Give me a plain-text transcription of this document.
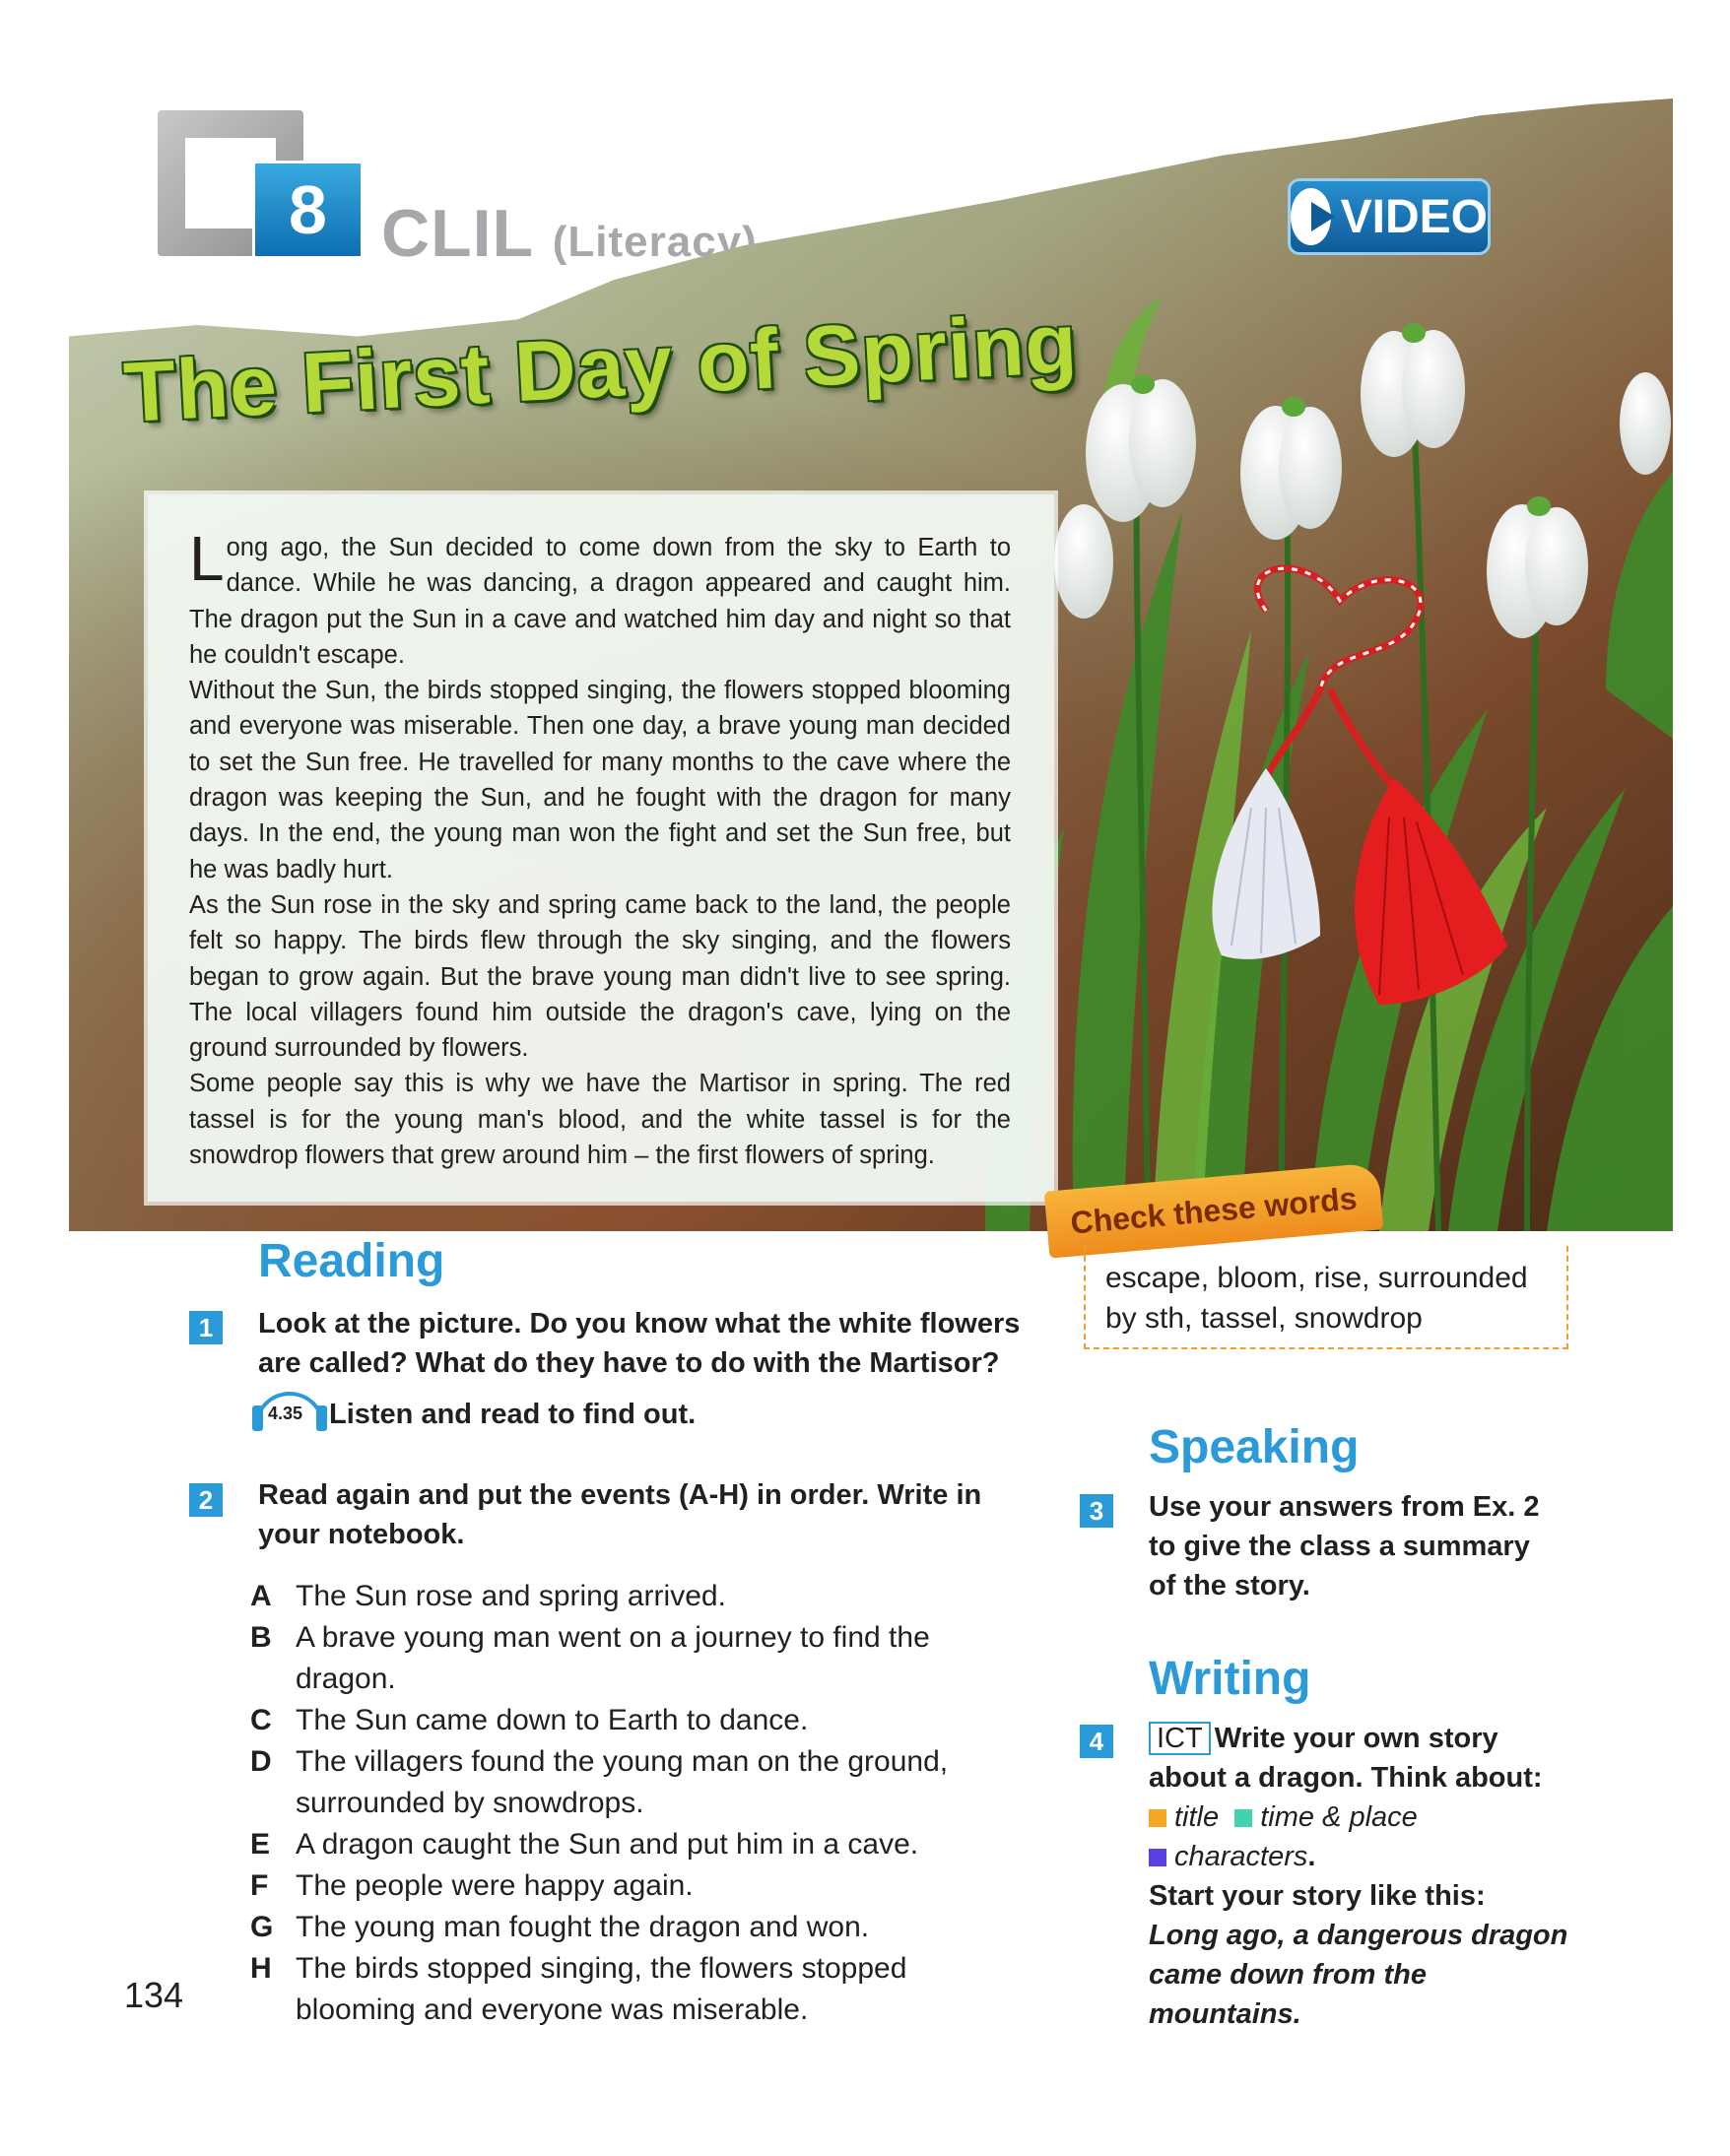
8 CLIL (Literacy)	VIDEO
The First Day of Spring

Long ago, the Sun decided to come down from the sky to Earth to dance. While he was dancing, a dragon appeared and caught him. The dragon put the Sun in a cave and watched him day and night so that he couldn't escape.

Without the Sun, the birds stopped singing, the flowers stopped blooming and everyone was miserable. Then one day, a brave young man decided to set the Sun free. He travelled for many months to the cave where the dragon was keeping the Sun, and he fought with the dragon for many days. In the end, the young man won the fight and set the Sun free, but he was badly hurt.

As the Sun rose in the sky and spring came back to the land, the people felt so happy. The birds flew through the sky singing, and the flowers began to grow again. But the brave young man didn't live to see spring. The local villagers found him outside the dragon's cave, lying on the ground surrounded by flowers.

Some people say this is why we have the Martisor in spring. The red tassel is for the young man's blood, and the white tassel is for the snowdrop flowers that grew around him – the first flowers of spring.

Check these words
escape, bloom, rise, surrounded by sth, tassel, snowdrop
Reading
1	Look at the picture. Do you know what the white flowers are called? What do they have to do with the Martisor?
4.35 Listen and read to find out.
2	Read again and put the events (A-H) in order. Write in your notebook.
A The Sun rose and spring arrived.
B A brave young man went on a journey to find the dragon.
C The Sun came down to Earth to dance.
D The villagers found the young man on the ground, surrounded by snowdrops.
E A dragon caught the Sun and put him in a cave.
F The people were happy again.
G The young man fought the dragon and won.
H The birds stopped singing, the flowers stopped blooming and everyone was miserable.
Speaking
3	Use your answers from Ex. 2 to give the class a summary of the story.
Writing
4	ICT Write your own story about a dragon. Think about:
title time & place
characters.
Start your story like this:
Long ago, a dangerous dragon came down from the mountains.
134
